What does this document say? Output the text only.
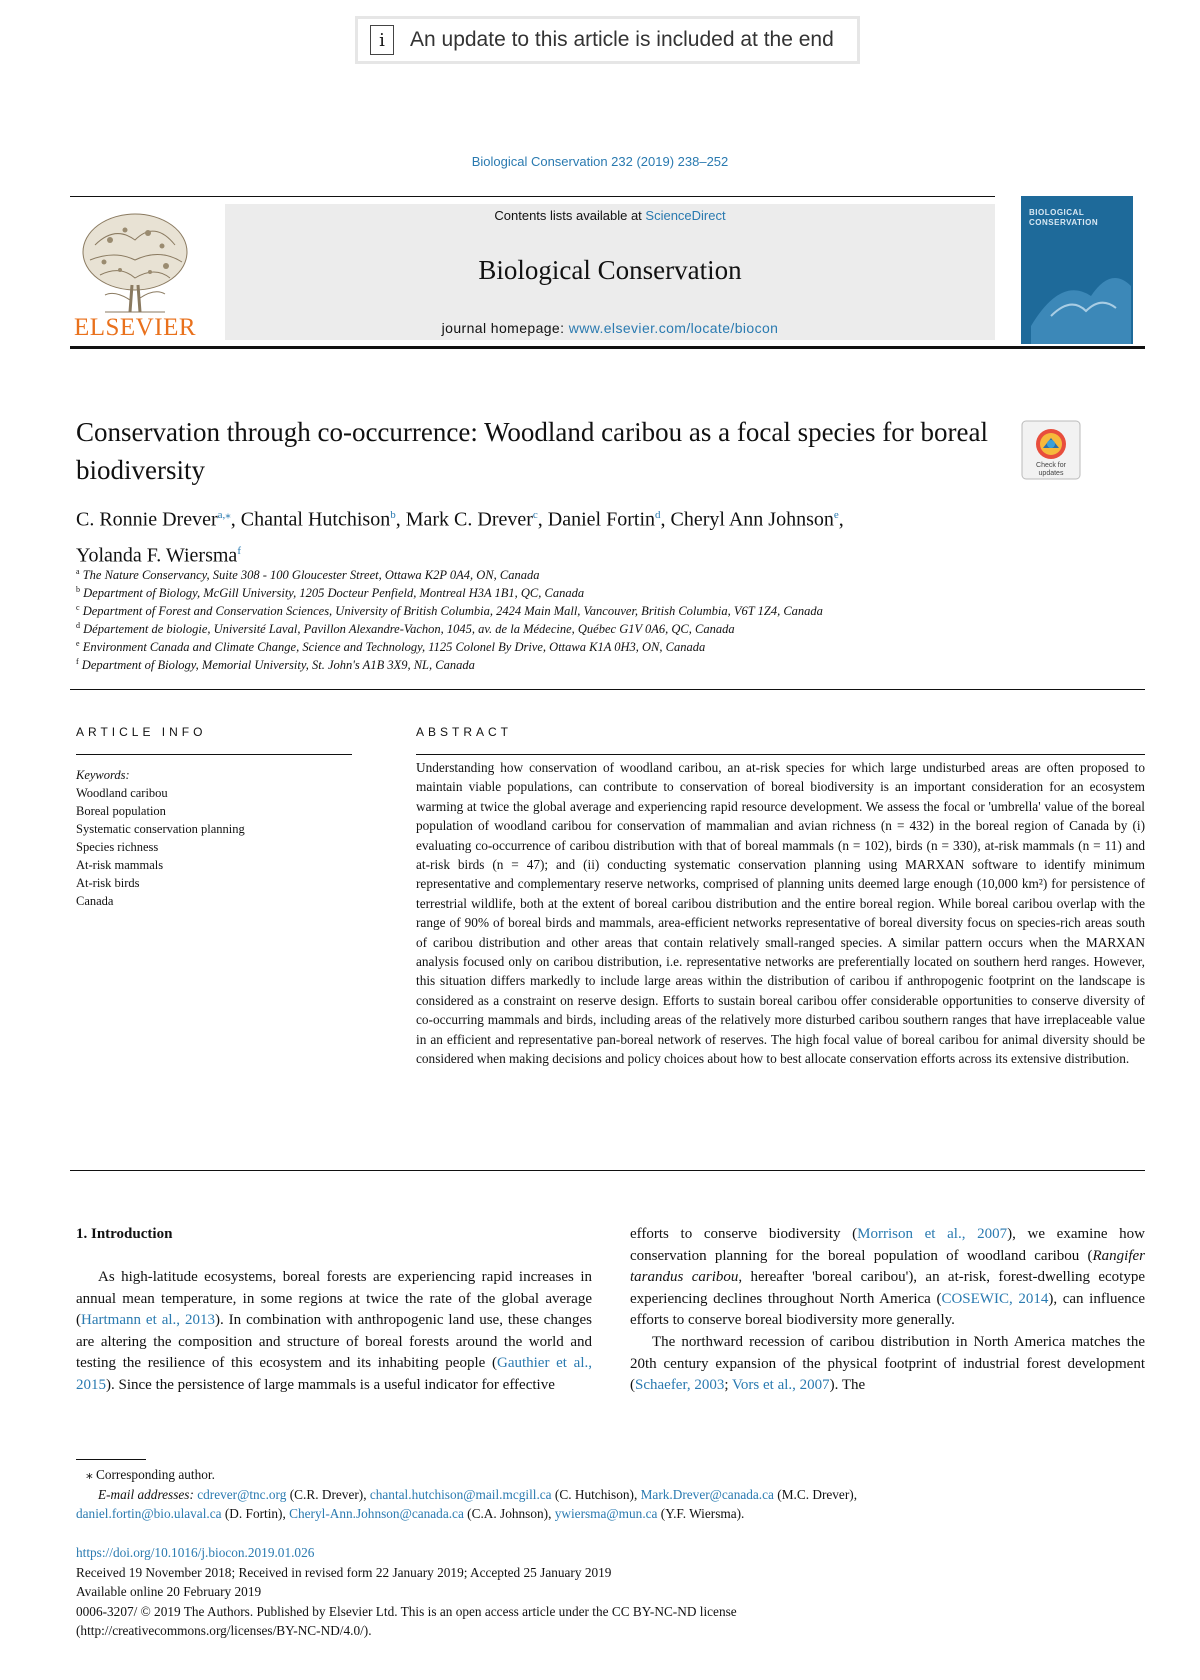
i	An update to this article is included at the end
Biological Conservation 232 (2019) 238–252
ELSEVIER
Contents lists available at ScienceDirect
Biological Conservation
journal homepage: www.elsevier.com/locate/biocon
BIOLOGICAL CONSERVATION
Conservation through co-occurrence: Woodland caribou as a focal species for boreal biodiversity	Check for
updates
C. Ronnie Drever$^{a,⁎}$, Chantal Hutchison$^b$, Mark C. Drever$^c$, Daniel Fortin$^d$, Cheryl Ann Johnson$^e$,
Yolanda F. Wiersma$^f$
$^a$ The Nature Conservancy, Suite 308 - 100 Gloucester Street, Ottawa K2P 0A4, ON, Canada
$^b$ Department of Biology, McGill University, 1205 Docteur Penfield, Montreal H3A 1B1, QC, Canada
$^c$ Department of Forest and Conservation Sciences, University of British Columbia, 2424 Main Mall, Vancouver, British Columbia, V6T 1Z4, Canada
$^d$ Département de biologie, Université Laval, Pavillon Alexandre-Vachon, 1045, av. de la Médecine, Québec G1V 0A6, QC, Canada
$^e$ Environment Canada and Climate Change, Science and Technology, 1125 Colonel By Drive, Ottawa K1A 0H3, ON, Canada
$^f$ Department of Biology, Memorial University, St. John's A1B 3X9, NL, Canada
ARTICLE INFO
Keywords:
Woodland caribou
Boreal population
Systematic conservation planning
Species richness
At-risk mammals
At-risk birds
Canada
ABSTRACT
Understanding how conservation of woodland caribou, an at-risk species for which large undisturbed areas are often proposed to maintain viable populations, can contribute to conservation of boreal biodiversity is an important consideration for an ecosystem warming at twice the global average and experiencing rapid resource development. We assess the focal or 'umbrella' value of the boreal population of woodland caribou for conservation of mammalian and avian richness (n = 432) in the boreal region of Canada by (i) evaluating co-occurrence of caribou distribution with that of boreal mammals (n = 102), birds (n = 330), at-risk mammals (n = 11) and at-risk birds (n = 47); and (ii) conducting systematic conservation planning using MARXAN software to identify minimum representative and complementary reserve networks, comprised of planning units deemed large enough (10,000 km²) for persistence of terrestrial wildlife, both at the extent of boreal caribou distribution and the entire boreal region. While boreal caribou overlap with the range of 90% of boreal birds and mammals, area-efficient networks representative of boreal diversity focus on species-rich areas south of caribou distribution and other areas that contain relatively small-ranged species. A similar pattern occurs when the MARXAN analysis focused only on caribou distribution, i.e. representative networks are preferentially located on southern herd ranges. However, this situation differs markedly to include large areas within the distribution of caribou if anthropogenic footprint on the landscape is considered as a constraint on reserve design. Efforts to sustain boreal caribou offer considerable opportunities to conserve diversity of co-occurring mammals and birds, including areas of the relatively more disturbed caribou southern ranges that have irreplaceable value in an efficient and representative pan-boreal network of reserves. The high focal value of boreal caribou for animal diversity should be considered when making decisions and policy choices about how to best allocate conservation efforts across its extensive distribution.
1. Introduction

As high-latitude ecosystems, boreal forests are experiencing rapid increases in annual mean temperature, in some regions at twice the rate of the global average (Hartmann et al., 2013). In combination with anthropogenic land use, these changes are altering the composition and structure of boreal forests around the world and testing the resilience of this ecosystem and its inhabiting people (Gauthier et al., 2015). Since the persistence of large mammals is a useful indicator for effective

efforts to conserve biodiversity (Morrison et al., 2007), we examine how conservation planning for the boreal population of woodland caribou (Rangifer tarandus caribou, hereafter 'boreal caribou'), an at-risk, forest-dwelling ecotype experiencing declines throughout North America (COSEWIC, 2014), can influence efforts to conserve boreal biodiversity more generally.

The northward recession of caribou distribution in North America matches the 20th century expansion of the physical footprint of industrial forest development (Schaefer, 2003; Vors et al., 2007). The

⁎ Corresponding author.
E-mail addresses: cdrever@tnc.org (C.R. Drever), chantal.hutchison@mail.mcgill.ca (C. Hutchison), Mark.Drever@canada.ca (M.C. Drever),
daniel.fortin@bio.ulaval.ca (D. Fortin), Cheryl-Ann.Johnson@canada.ca (C.A. Johnson), ywiersma@mun.ca (Y.F. Wiersma).
https://doi.org/10.1016/j.biocon.2019.01.026
Received 19 November 2018; Received in revised form 22 January 2019; Accepted 25 January 2019
Available online 20 February 2019
0006-3207/ © 2019 The Authors. Published by Elsevier Ltd. This is an open access article under the CC BY-NC-ND license
(http://creativecommons.org/licenses/BY-NC-ND/4.0/).
